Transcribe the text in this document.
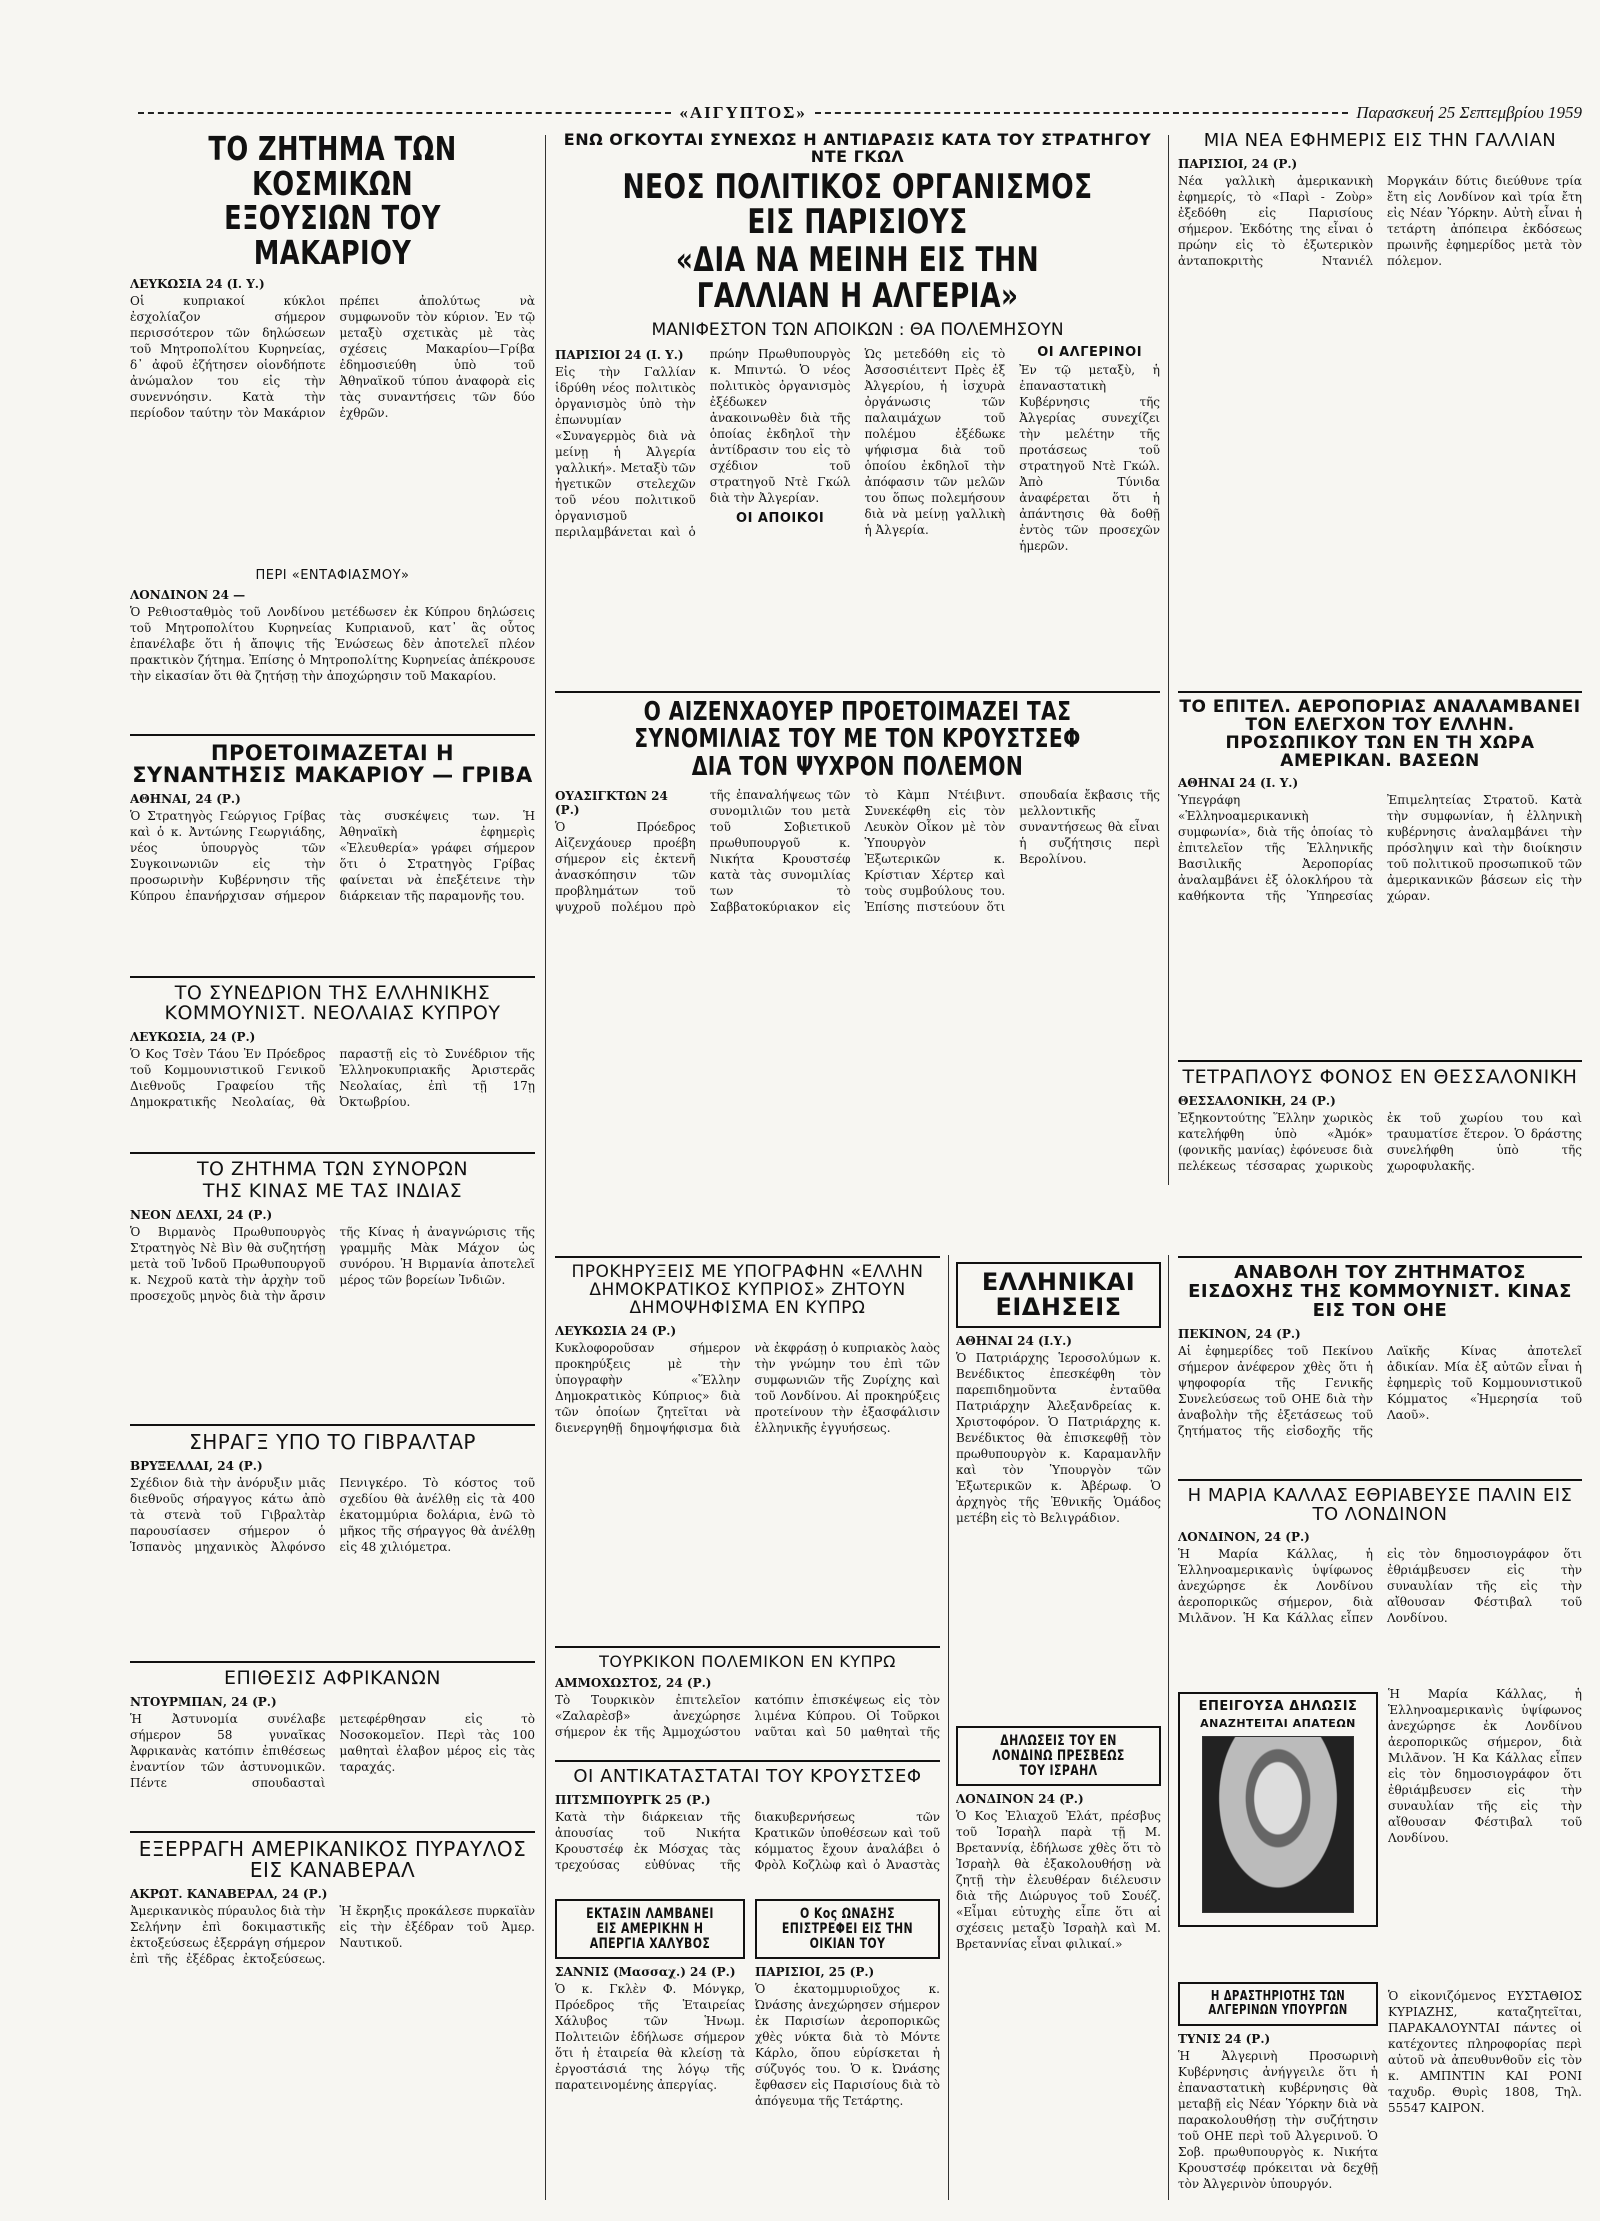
«ΑΙΓΥΠΤΟΣ»	Παρασκευή 25 Σεπτεμβρίου 1959
ΤΟ ΖΗΤΗΜΑ ΤΩΝ ΚΟΣΜΙΚΩΝ ΕΞΟΥΣΙΩΝ ΤΟΥ ΜΑΚΑΡΙΟΥ
ΛΕΥΚΩΣΙΑ 24 (Ι. Υ.)

Οἱ κυπριακοί κύκλοι ἐσχολίαζον σήμερον περισσότερον τῶν δηλώσεων τοῦ Μητροπολίτου Κυρηνείας, δ᾽ ἀφοῦ ἐζήτησεν οἱονδήποτε ἀνώμαλον του εἰς τὴν συνεννόησιν. Κατὰ τὴν περίοδον ταύτην τὸν Μακάριον πρέπει ἀπολύτως νὰ συμφωνοῦν τὸν κύριον. Ἐν τῷ μεταξὺ σχετικὰς μὲ τὰς σχέσεις Μακαρίου—Γρίβα ἐδημοσιεύθη ὑπὸ τοῦ Ἀθηναϊκοῦ τύπου ἀναφορὰ εἰς τὰς συναντήσεις τῶν δύο ἐχθρῶν.

ΠΕΡΙ «ΕΝΤΑΦΙΑΣΜΟΥ»
ΛΟΝΔΙΝΟΝ 24 —

Ὁ Ρεθιοσταθμὸς τοῦ Λονδίνου μετέδωσεν ἐκ Κύπρου δηλώσεις τοῦ Μητροπολίτου Κυρηνείας Κυπριανοῦ, κατ᾽ ἃς οὗτος ἐπανέλαβε ὅτι ἡ ἄποψις τῆς Ἑνώσεως δὲν ἀποτελεῖ πλέον πρακτικὸν ζήτημα. Ἐπίσης ὁ Μητροπολίτης Κυρηνείας ἀπέκρουσε τὴν εἰκασίαν ὅτι θὰ ζητήσῃ τὴν ἀποχώρησιν τοῦ Μακαρίου.

ΠΡΟΕΤΟΙΜΑΖΕΤΑΙ Η ΣΥΝΑΝΤΗΣΙΣ ΜΑΚΑΡΙΟΥ — ΓΡΙΒΑ
ΑΘΗΝΑΙ, 24 (Ρ.)

Ὁ Στρατηγὸς Γεώργιος Γρίβας καὶ ὁ κ. Ἀντώνης Γεωργιάδης, νέος ὑπουργὸς τῶν Συγκοινωνιῶν εἰς τὴν προσωρινὴν Κυβέρνησιν τῆς Κύπρου ἐπανήρχισαν σήμερον τὰς συσκέψεις των. Ἡ Ἀθηναϊκὴ ἐφημερὶς «Ἐλευθερία» γράφει σήμερον ὅτι ὁ Στρατηγὸς Γρίβας φαίνεται νὰ ἐπεξέτεινε τὴν διάρκειαν τῆς παραμονῆς του.

ΤΟ ΣΥΝΕΔΡΙΟΝ ΤΗΣ ΕΛΛΗΝΙΚΗΣ ΚΟΜΜΟΥΝΙΣΤ. ΝΕΟΛΑΙΑΣ ΚΥΠΡΟΥ
ΛΕΥΚΩΣΙΑ, 24 (Ρ.)

Ὁ Κος Τσὲν Τάου Ἐν Πρόεδρος τοῦ Κομμουνιστικοῦ Γενικοῦ Διεθνοῦς Γραφείου τῆς Δημοκρατικῆς Νεολαίας, θὰ παραστῇ εἰς τὸ Συνέδριον τῆς Ἑλληνοκυπριακῆς Ἀριστερᾶς Νεολαίας, ἐπὶ τῇ 17ῃ Ὀκτωβρίου.

ΤΟ ΖΗΤΗΜΑ ΤΩΝ ΣΥΝΟΡΩΝ
ΤΗΣ ΚΙΝΑΣ ΜΕ ΤΑΣ ΙΝΔΙΑΣ
ΝΕΟΝ ΔΕΛΧΙ, 24 (Ρ.)

Ὁ Βιρμανὸς Πρωθυπουργὸς Στρατηγὸς Νὲ Βὶν θὰ συζητήσῃ μετὰ τοῦ Ἰνδοῦ Πρωθυπουργοῦ κ. Νεχροῦ κατὰ τὴν ἀρχὴν τοῦ προσεχοῦς μηνὸς διὰ τὴν ἄρσιν τῆς Κίνας ἡ ἀναγνώρισις τῆς γραμμῆς Μὰκ Μάχον ὡς συνόρου. Ἡ Βιρμανία ἀποτελεῖ μέρος τῶν βορείων Ἰνδιῶν.

ΣΗΡΑΓΞ ΥΠΟ ΤΟ ΓΙΒΡΑΛΤΑΡ
ΒΡΥΞΕΛΛΑΙ, 24 (Ρ.)

Σχέδιον διὰ τὴν ἀνόρυξιν μιᾶς διεθνοῦς σήραγγος κάτω ἀπὸ τὰ στενὰ τοῦ Γιβραλτὰρ παρουσίασεν σήμερον ὁ Ἱσπανὸς μηχανικὸς Ἀλφόνσο Πενιγκέρο. Τὸ κόστος τοῦ σχεδίου θὰ ἀνέλθῃ εἰς τὰ 400 ἑκατομμύρια δολάρια, ἐνῶ τὸ μῆκος τῆς σήραγγος θὰ ἀνέλθῃ εἰς 48 χιλιόμετρα.

ΕΠΙΘΕΣΙΣ ΑΦΡΙΚΑΝΩΝ
ΝΤΟΥΡΜΠΑΝ, 24 (Ρ.)

Ἡ Ἀστυνομία συνέλαβε σήμερον 58 γυναῖκας Ἀφρικανὰς κατόπιν ἐπιθέσεως ἐναντίον τῶν ἀστυνομικῶν. Πέντε σπουδασταὶ μετεφέρθησαν εἰς τὸ Νοσοκομεῖον. Περὶ τὰς 100 μαθηταὶ ἐλαβον μέρος εἰς τὰς ταραχάς.

ΕΞΕΡΡΑΓΗ ΑΜΕΡΙΚΑΝΙΚΟΣ ΠΥΡΑΥΛΟΣ ΕΙΣ ΚΑΝΑΒΕΡΑΛ
ΑΚΡΩΤ. ΚΑΝΑΒΕΡΑΛ, 24 (Ρ.)

Ἀμερικανικὸς πύραυλος διὰ τὴν Σελήνην ἐπὶ δοκιμαστικῆς ἐκτοξεύσεως ἐξερράγη σήμερον ἐπὶ τῆς ἐξέδρας ἐκτοξεύσεως. Ἡ ἔκρηξις προκάλεσε πυρκαϊὰν εἰς τὴν ἐξέδραν τοῦ Ἀμερ. Ναυτικοῦ.

ΕΝΩ ΟΓΚΟΥΤΑΙ ΣΥΝΕΧΩΣ Η ΑΝΤΙΔΡΑΣΙΣ ΚΑΤΑ ΤΟΥ ΣΤΡΑΤΗΓΟΥ ΝΤΕ ΓΚΩΛ
ΝΕΟΣ ΠΟΛΙΤΙΚΟΣ ΟΡΓΑΝΙΣΜΟΣ ΕΙΣ ΠΑΡΙΣΙΟΥΣ
«ΔΙΑ ΝΑ ΜΕΙΝΗ ΕΙΣ ΤΗΝ ΓΑΛΛΙΑΝ Η ΑΛΓΕΡΙΑ»
ΜΑΝΙΦΕΣΤΟΝ ΤΩΝ ΑΠΟΙΚΩΝ : ΘΑ ΠΟΛΕΜΗΣΟΥΝ
ΠΑΡΙΣΙΟΙ 24 (Ι. Υ.)

Εἰς τὴν Γαλλίαν ἱδρύθη νέος πολιτικὸς ὀργανισμὸς ὑπὸ τὴν ἐπωνυμίαν «Συναγερμὸς διὰ νὰ μείνῃ ἡ Ἀλγερία γαλλική». Μεταξὺ τῶν ἡγετικῶν στελεχῶν τοῦ νέου πολιτικοῦ ὀργανισμοῦ περιλαμβάνεται καὶ ὁ πρώην Πρωθυπουργὸς κ. Μπιντώ. Ὁ νέος πολιτικὸς ὀργανισμὸς ἐξέδωκεν ἀνακοινωθὲν διὰ τῆς ὁποίας ἐκδηλοῖ τὴν ἀντίδρασιν του εἰς τὸ σχέδιον τοῦ στρατηγοῦ Ντὲ Γκώλ διὰ τὴν Ἀλγερίαν.

ΟΙ ΑΠΟΙΚΟΙ

Ὡς μετεδόθη εἰς τὸ Ἀσσοσιέιτεντ Πρὲς ἐξ Ἀλγερίου, ἡ ἰσχυρὰ ὀργάνωσις τῶν παλαιμάχων τοῦ πολέμου ἐξέδωκε ψήφισμα διὰ τοῦ ὁποίου ἐκδηλοῖ τὴν ἀπόφασιν τῶν μελῶν του ὅπως πολεμήσουν διὰ νὰ μείνῃ γαλλικὴ ἡ Ἀλγερία.

ΟΙ ΑΛΓΕΡΙΝΟΙ

Ἐν τῷ μεταξὺ, ἡ ἐπαναστατικὴ Κυβέρνησις τῆς Ἀλγερίας συνεχίζει τὴν μελέτην τῆς προτάσεως τοῦ στρατηγοῦ Ντὲ Γκώλ. Ἀπὸ Τύνιδα ἀναφέρεται ὅτι ἡ ἀπάντησις θὰ δοθῇ ἐντὸς τῶν προσεχῶν ἡμερῶν.

ΜΙΑ ΝΕΑ ΕΦΗΜΕΡΙΣ ΕΙΣ ΤΗΝ ΓΑΛΛΙΑΝ
ΠΑΡΙΣΙΟΙ, 24 (Ρ.)

Νέα γαλλικὴ ἀμερικανικὴ ἐφημερίς, τὸ «Παρὶ - Ζοὺρ» ἐξεδόθη εἰς Παρισίους σήμερον. Ἐκδότης της εἶναι ὁ πρώην εἰς τὸ ἐξωτερικὸν ἀνταποκριτὴς Ντανιέλ Μοργκάιν δύτις διεύθυνε τρία ἔτη εἰς Λονδίνον καὶ τρία ἔτη εἰς Νέαν Ὑόρκην. Αὐτὴ εἶναι ἡ τετάρτη ἀπόπειρα ἐκδόσεως πρωινῆς ἐφημερίδος μετὰ τὸν πόλεμον.

Ο ΑΙΖΕΝΧΑΟΥΕΡ ΠΡΟΕΤΟΙΜΑΖΕΙ ΤΑΣ ΣΥΝΟΜΙΛΙΑΣ ΤΟΥ ΜΕ ΤΟΝ ΚΡΟΥΣΤΣΕΦ ΔΙΑ ΤΟΝ ΨΥΧΡΟΝ ΠΟΛΕΜΟΝ
ΟΥΑΣΙΓΚΤΩΝ 24 (Ρ.)

Ὁ Πρόεδρος Αἰζενχάουερ προέβη σήμερον εἰς ἐκτενῆ ἀνασκόπησιν τῶν προβλημάτων τοῦ ψυχροῦ πολέμου πρὸ τῆς ἐπαναλήψεως τῶν συνομιλιῶν του μετὰ τοῦ Σοβιετικοῦ πρωθυπουργοῦ κ. Νικήτα Κρουστσέφ κατὰ τὰς συνομιλίας των τὸ Σαββατοκύριακον εἰς τὸ Κὰμπ Ντέιβιντ. Συνεκέφθη εἰς τὸν Λευκὸν Οἶκον μὲ τὸν Ὑπουργὸν Ἐξωτερικῶν κ. Κρίστιαν Χέρτερ καὶ τοὺς συμβούλους του. Ἐπίσης πιστεύουν ὅτι σπουδαία ἔκβασις τῆς μελλοντικῆς συναντήσεως θὰ εἶναι ἡ συζήτησις περὶ Βερολίνου.

ΤΟ ΕΠΙΤΕΛ. ΑΕΡΟΠΟΡΙΑΣ ΑΝΑΛΑΜΒΑΝΕΙ ΤΟΝ ΕΛΕΓΧΟΝ ΤΟΥ ΕΛΛΗΝ. ΠΡΟΣΩΠΙΚΟΥ ΤΩΝ ΕΝ ΤΗ ΧΩΡΑ ΑΜΕΡΙΚΑΝ. ΒΑΣΕΩΝ
ΑΘΗΝΑΙ 24 (Ι. Υ.)

Ὑπεγράφη «Ἑλληνοαμερικανικὴ συμφωνία», διὰ τῆς ὁποίας τὸ ἐπιτελεῖον τῆς Ἑλληνικῆς Βασιλικῆς Ἀεροπορίας ἀναλαμβάνει ἐξ ὁλοκλήρου τὰ καθήκοντα τῆς Ὑπηρεσίας Ἐπιμελητείας Στρατοῦ. Κατὰ τὴν συμφωνίαν, ἡ ἑλληνικὴ κυβέρνησις ἀναλαμβάνει τὴν πρόσληψιν καὶ τὴν διοίκησιν τοῦ πολιτικοῦ προσωπικοῦ τῶν ἀμερικανικῶν βάσεων εἰς τὴν χώραν.

ΤΕΤΡΑΠΛΟΥΣ ΦΟΝΟΣ ΕΝ ΘΕΣΣΑΛΟΝΙΚΗ
ΘΕΣΣΑΛΟΝΙΚΗ, 24 (Ρ.)

Ἐξηκοντούτης Ἕλλην χωρικὸς κατελήφθη ὑπὸ «Ἀμόκ» (φονικῆς μανίας) ἐφόνευσε διὰ πελέκεως τέσσαρας χωρικοὺς ἐκ τοῦ χωρίου του καὶ τραυματίσε ἕτερον. Ὁ δράστης συνελήφθη ὑπὸ τῆς χωροφυλακῆς.

ΠΡΟΚΗΡΥΞΕΙΣ ΜΕ ΥΠΟΓΡΑΦΗΝ «ΕΛΛΗΝ ΔΗΜΟΚΡΑΤΙΚΟΣ ΚΥΠΡΙΟΣ» ΖΗΤΟΥΝ ΔΗΜΟΨΗΦΙΣΜΑ ΕΝ ΚΥΠΡΩ
ΛΕΥΚΩΣΙΑ 24 (Ρ.)

Κυκλοφοροῦσαν σήμερον προκηρύξεις μὲ τὴν ὑπογραφὴν «Ἕλλην Δημοκρατικὸς Κύπριος» διὰ τῶν ὁποίων ζητεῖται νὰ διενεργηθῇ δημοψήφισμα διὰ νὰ ἐκφράσῃ ὁ κυπριακὸς λαὸς τὴν γνώμην του ἐπὶ τῶν συμφωνιῶν τῆς Ζυρίχης καὶ τοῦ Λονδίνου. Αἱ προκηρύξεις προτείνουν τὴν ἐξασφάλισιν ἑλληνικῆς ἐγγυήσεως.

ΤΟΥΡΚΙΚΟΝ ΠΟΛΕΜΙΚΟΝ ΕΝ ΚΥΠΡΩ
ΑΜΜΟΧΩΣΤΟΣ, 24 (Ρ.)

Τὸ Τουρκικὸν ἐπιτελεῖον «Ζαλαρὲσβ» ἀνεχώρησε σήμερον ἐκ τῆς Ἀμμοχώστου κατόπιν ἐπισκέψεως εἰς τὸν λιμένα Κύπρου. Οἱ Τοῦρκοι ναῦται καὶ 50 μαθηταὶ τῆς

ΟΙ ΑΝΤΙΚΑΤΑΣΤΑΤΑΙ ΤΟΥ ΚΡΟΥΣΤΣΕΦ
ΠΙΤΣΜΠΟΥΡΓΚ 25 (Ρ.)

Κατὰ τὴν διάρκειαν τῆς ἀπουσίας τοῦ Νικήτα Κρουστσέφ ἐκ Μόσχας τὰς τρεχούσας εὐθύνας τῆς διακυβερνήσεως τῶν Κρατικῶν ὑποθέσεων καὶ τοῦ κόμματος ἔχουν ἀναλάβει ὁ Φρὸλ Κοζλὼφ καὶ ὁ Ἀναστὰς

ΕΚΤΑΣΙΝ ΛΑΜΒΑΝΕΙ ΕΙΣ ΑΜΕΡΙΚΗΝ Η ΑΠΕΡΓΙΑ ΧΑΛΥΒΟΣ
ΣΑΝΝΙΣ (Μασσαχ.) 24 (Ρ.)

Ὁ κ. Γκλὲν Φ. Μόνγκρ, Πρόεδρος τῆς Ἑταιρείας Χάλυβος τῶν Ἡνωμ. Πολιτειῶν ἐδήλωσε σήμερον ὅτι ἡ ἑταιρεία θὰ κλείσῃ τὰ ἐργοστάσιά της λόγῳ τῆς παρατεινομένης ἀπεργίας.

Ο Κος ΩΝΑΣΗΣ ΕΠΙΣΤΡΕΦΕΙ ΕΙΣ ΤΗΝ ΟΙΚΙΑΝ ΤΟΥ
ΠΑΡΙΣΙΟΙ, 25 (Ρ.)

Ὁ ἑκατομμυριοῦχος κ. Ὠνάσης ἀνεχώρησεν σήμερον ἐκ Παρισίων ἀεροπορικῶς χθὲς νύκτα διὰ τὸ Μόντε Κάρλο, ὅπου εὑρίσκεται ἡ σύζυγός του. Ὁ κ. Ὠνάσης ἔφθασεν εἰς Παρισίους διὰ τὸ ἀπόγευμα τῆς Τετάρτης.

ΕΛΛΗΝΙΚΑΙ ΕΙΔΗΣΕΙΣ
ΑΘΗΝΑΙ 24 (Ι.Υ.)

Ὁ Πατριάρχης Ἱεροσολύμων κ. Βενέδικτος ἐπεσκέφθη τὸν παρεπιδημοῦντα ἐνταῦθα Πατριάρχην Ἀλεξανδρείας κ. Χριστοφόρον. Ὁ Πατριάρχης κ. Βενέδικτος θὰ ἐπισκεφθῇ τὸν πρωθυπουργὸν κ. Καραμανλῆν καὶ τὸν Ὑπουργὸν τῶν Ἐξωτερικῶν κ. Ἀβέρωφ. Ὁ ἀρχηγὸς τῆς Ἐθνικῆς Ὁμάδος μετέβη εἰς τὸ Βελιγράδιον.

ΔΗΛΩΣΕΙΣ ΤΟΥ ΕΝ ΛΟΝΔΙΝΩ ΠΡΕΣΒΕΩΣ ΤΟΥ ΙΣΡΑΗΛ
ΛΟΝΔΙΝΟΝ 24 (Ρ.)

Ὁ Κος Ἐλιαχοῦ Ἐλάτ, πρέσβυς τοῦ Ἰσραὴλ παρὰ τῇ Μ. Βρεταννίᾳ, ἐδήλωσε χθὲς ὅτι τὸ Ἰσραὴλ θὰ ἐξακολουθήσῃ νὰ ζητῇ τὴν ἐλευθέραν διέλευσιν διὰ τῆς Διώρυγος τοῦ Σουέζ. «Εἶμαι εὐτυχὴς εἶπε ὅτι αἱ σχέσεις μεταξὺ Ἰσραὴλ καὶ Μ. Βρεταννίας εἶναι φιλικαί.»

ΑΝΑΒΟΛΗ ΤΟΥ ΖΗΤΗΜΑΤΟΣ ΕΙΣΔΟΧΗΣ ΤΗΣ ΚΟΜΜΟΥΝΙΣΤ. ΚΙΝΑΣ ΕΙΣ ΤΟΝ ΟΗΕ
ΠΕΚΙΝΟΝ, 24 (Ρ.)

Αἱ ἐφημερίδες τοῦ Πεκίνου σήμερον ἀνέφερον χθὲς ὅτι ἡ ψηφοφορία τῆς Γενικῆς Συνελεύσεως τοῦ ΟΗΕ διὰ τὴν ἀναβολὴν τῆς ἐξετάσεως τοῦ ζητήματος τῆς εἰσδοχῆς τῆς Λαϊκῆς Κίνας ἀποτελεῖ ἀδικίαν. Μία ἐξ αὐτῶν εἶναι ἡ ἐφημερὶς τοῦ Κομμουνιστικοῦ Κόμματος «Ἡμερησία τοῦ Λαοῦ».

Η ΜΑΡΙΑ ΚΑΛΛΑΣ ΕΘΡΙΑΒΕΥΣΕ ΠΑΛΙΝ ΕΙΣ ΤΟ ΛΟΝΔΙΝΟΝ
ΛΟΝΔΙΝΟΝ, 24 (Ρ.)

Ἡ Μαρία Κάλλας, ἡ Ἑλληνοαμερικανὶς ὑψίφωνος ἀνεχώρησε ἐκ Λονδίνου ἀεροπορικῶς σήμερον, διὰ Μιλᾶνον. Ἡ Κα Κάλλας εἶπεν εἰς τὸν δημοσιογράφον ὅτι ἐθριάμβευσεν εἰς τὴν συναυλίαν τῆς εἰς τὴν αἴθουσαν Φέστιβαλ τοῦ Λονδίνου.

ΕΠΕΙΓΟΥΣΑ ΔΗΛΩΣΙΣ
ΑΝΑΖΗΤΕΙΤΑΙ ΑΠΑΤΕΩΝ

Ἡ Μαρία Κάλλας, ἡ Ἑλληνοαμερικανὶς ὑψίφωνος ἀνεχώρησε ἐκ Λονδίνου ἀεροπορικῶς σήμερον, διὰ Μιλᾶνον. Ἡ Κα Κάλλας εἶπεν εἰς τὸν δημοσιογράφον ὅτι ἐθριάμβευσεν εἰς τὴν συναυλίαν τῆς εἰς τὴν αἴθουσαν Φέστιβαλ τοῦ Λονδίνου.

Η ΔΡΑΣΤΗΡΙΟΤΗΣ ΤΩΝ ΑΛΓΕΡΙΝΩΝ ΥΠΟΥΡΓΩΝ
ΤΥΝΙΣ 24 (Ρ.)

Ἡ Ἀλγερινὴ Προσωρινὴ Κυβέρνησις ἀνήγγειλε ὅτι ἡ ἐπαναστατικὴ κυβέρνησις θὰ μεταβῇ εἰς Νέαν Ὑόρκην διὰ νὰ παρακολουθήσῃ τὴν συζήτησιν τοῦ ΟΗΕ περὶ τοῦ Ἀλγερινοῦ. Ὁ Σοβ. πρωθυπουργὸς κ. Νικήτα Κρουστσέφ πρόκειται νὰ δεχθῇ τὸν Ἀλγερινὸν ὑπουργόν.

Ὁ εἰκονιζόμενος ΕΥΣΤΑΘΙΟΣ ΚΥΡΙΑΖΗΣ, καταζητεῖται, ΠΑΡΑΚΑΛΟΥΝΤΑΙ πάντες οἱ κατέχοντες πληροφορίας περὶ αὐτοῦ νὰ ἀπευθυνθοῦν εἰς τὸν κ. ΑΜΠΝΤΙΝ ΚΑΙ ΡΟΝΙ ταχυδρ. Θυρὶς 1808, Τηλ. 55547 ΚΑΙΡΟΝ.
